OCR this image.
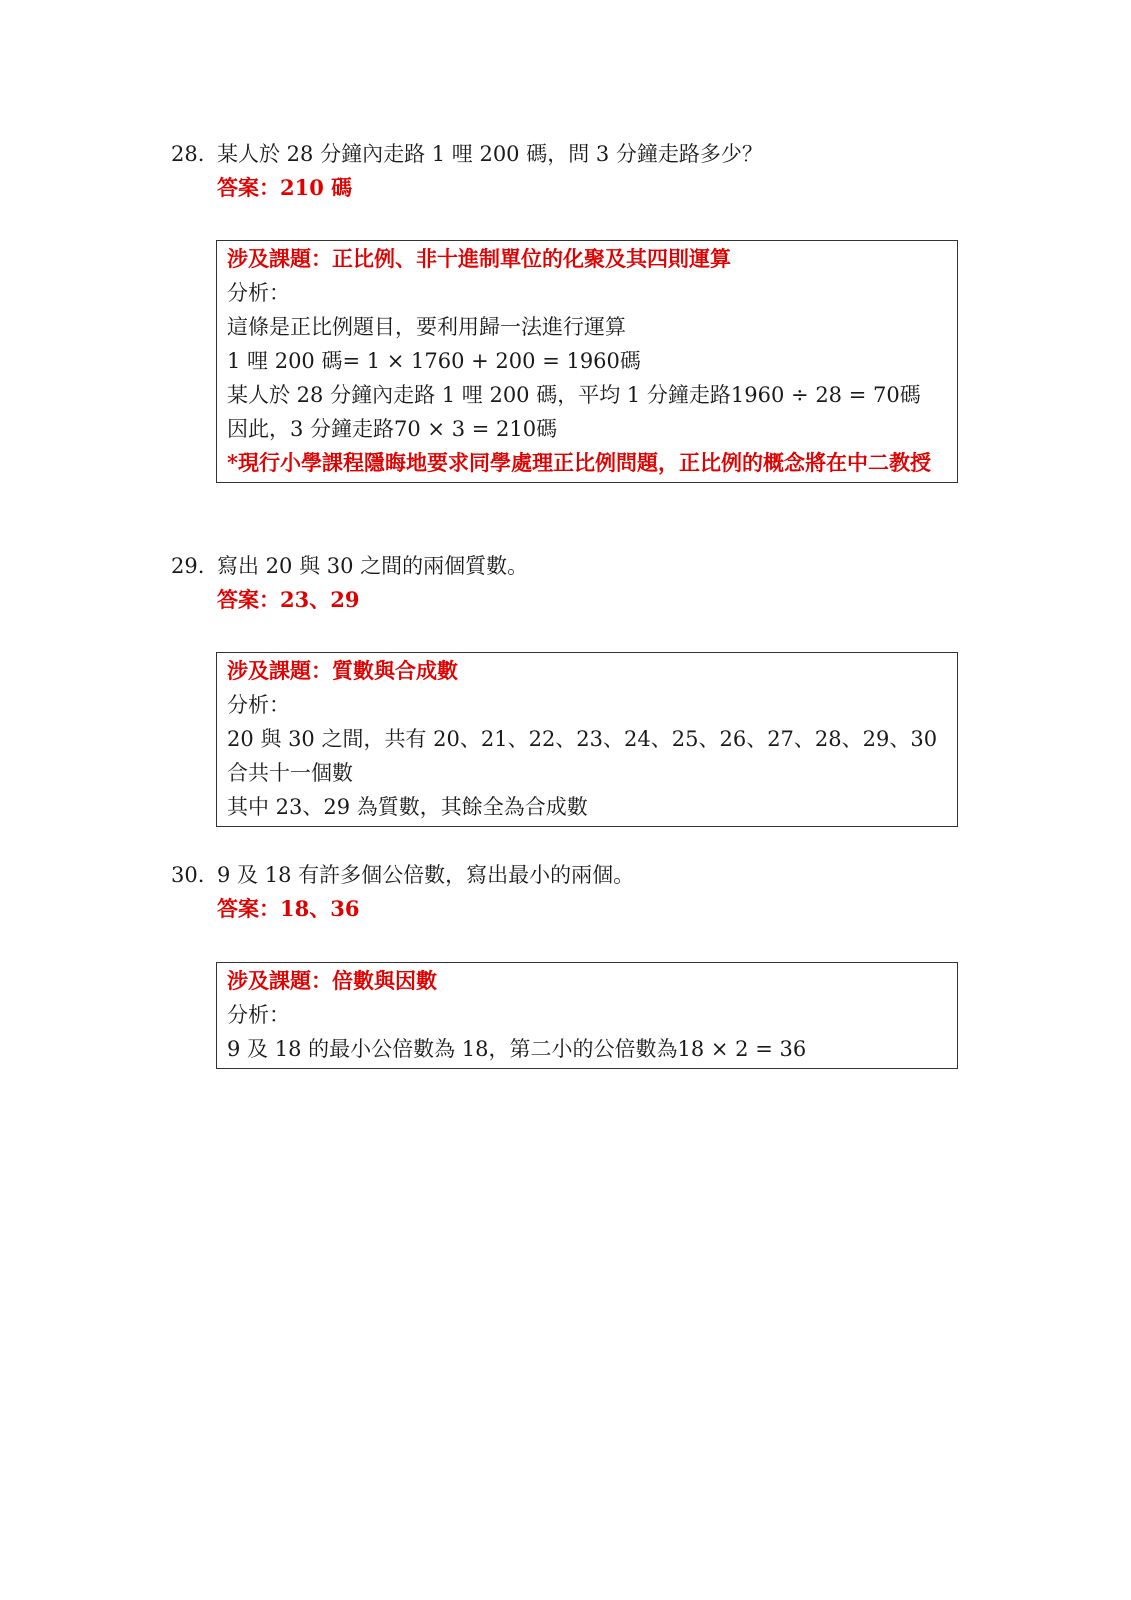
28. 某人於 28 分鐘內走路 1 哩 200 碼，問 3 分鐘走路多少？
答案：210 碼
涉及課題：正比例、非十進制單位的化聚及其四則運算
分析：
這條是正比例題目，要利用歸一法進行運算
1 哩 200 碼= 1 × 1760 + 200 = 1960碼
某人於 28 分鐘內走路 1 哩 200 碼，平均 1 分鐘走路1960 ÷ 28 = 70碼
因此，3 分鐘走路70 × 3 = 210碼
*現行小學課程隱晦地要求同學處理正比例問題，正比例的概念將在中二教授
29. 寫出 20 與 30 之間的兩個質數。
答案：23、29
涉及課題：質數與合成數
分析：
20 與 30 之間，共有 20、21、22、23、24、25、26、27、28、29、30 合共十一個數
其中 23、29 為質數，其餘全為合成數
30. 9 及 18 有許多個公倍數，寫出最小的兩個。
答案：18、36
涉及課題：倍數與因數
分析：
9 及 18 的最小公倍數為 18，第二小的公倍數為18 × 2 = 36
